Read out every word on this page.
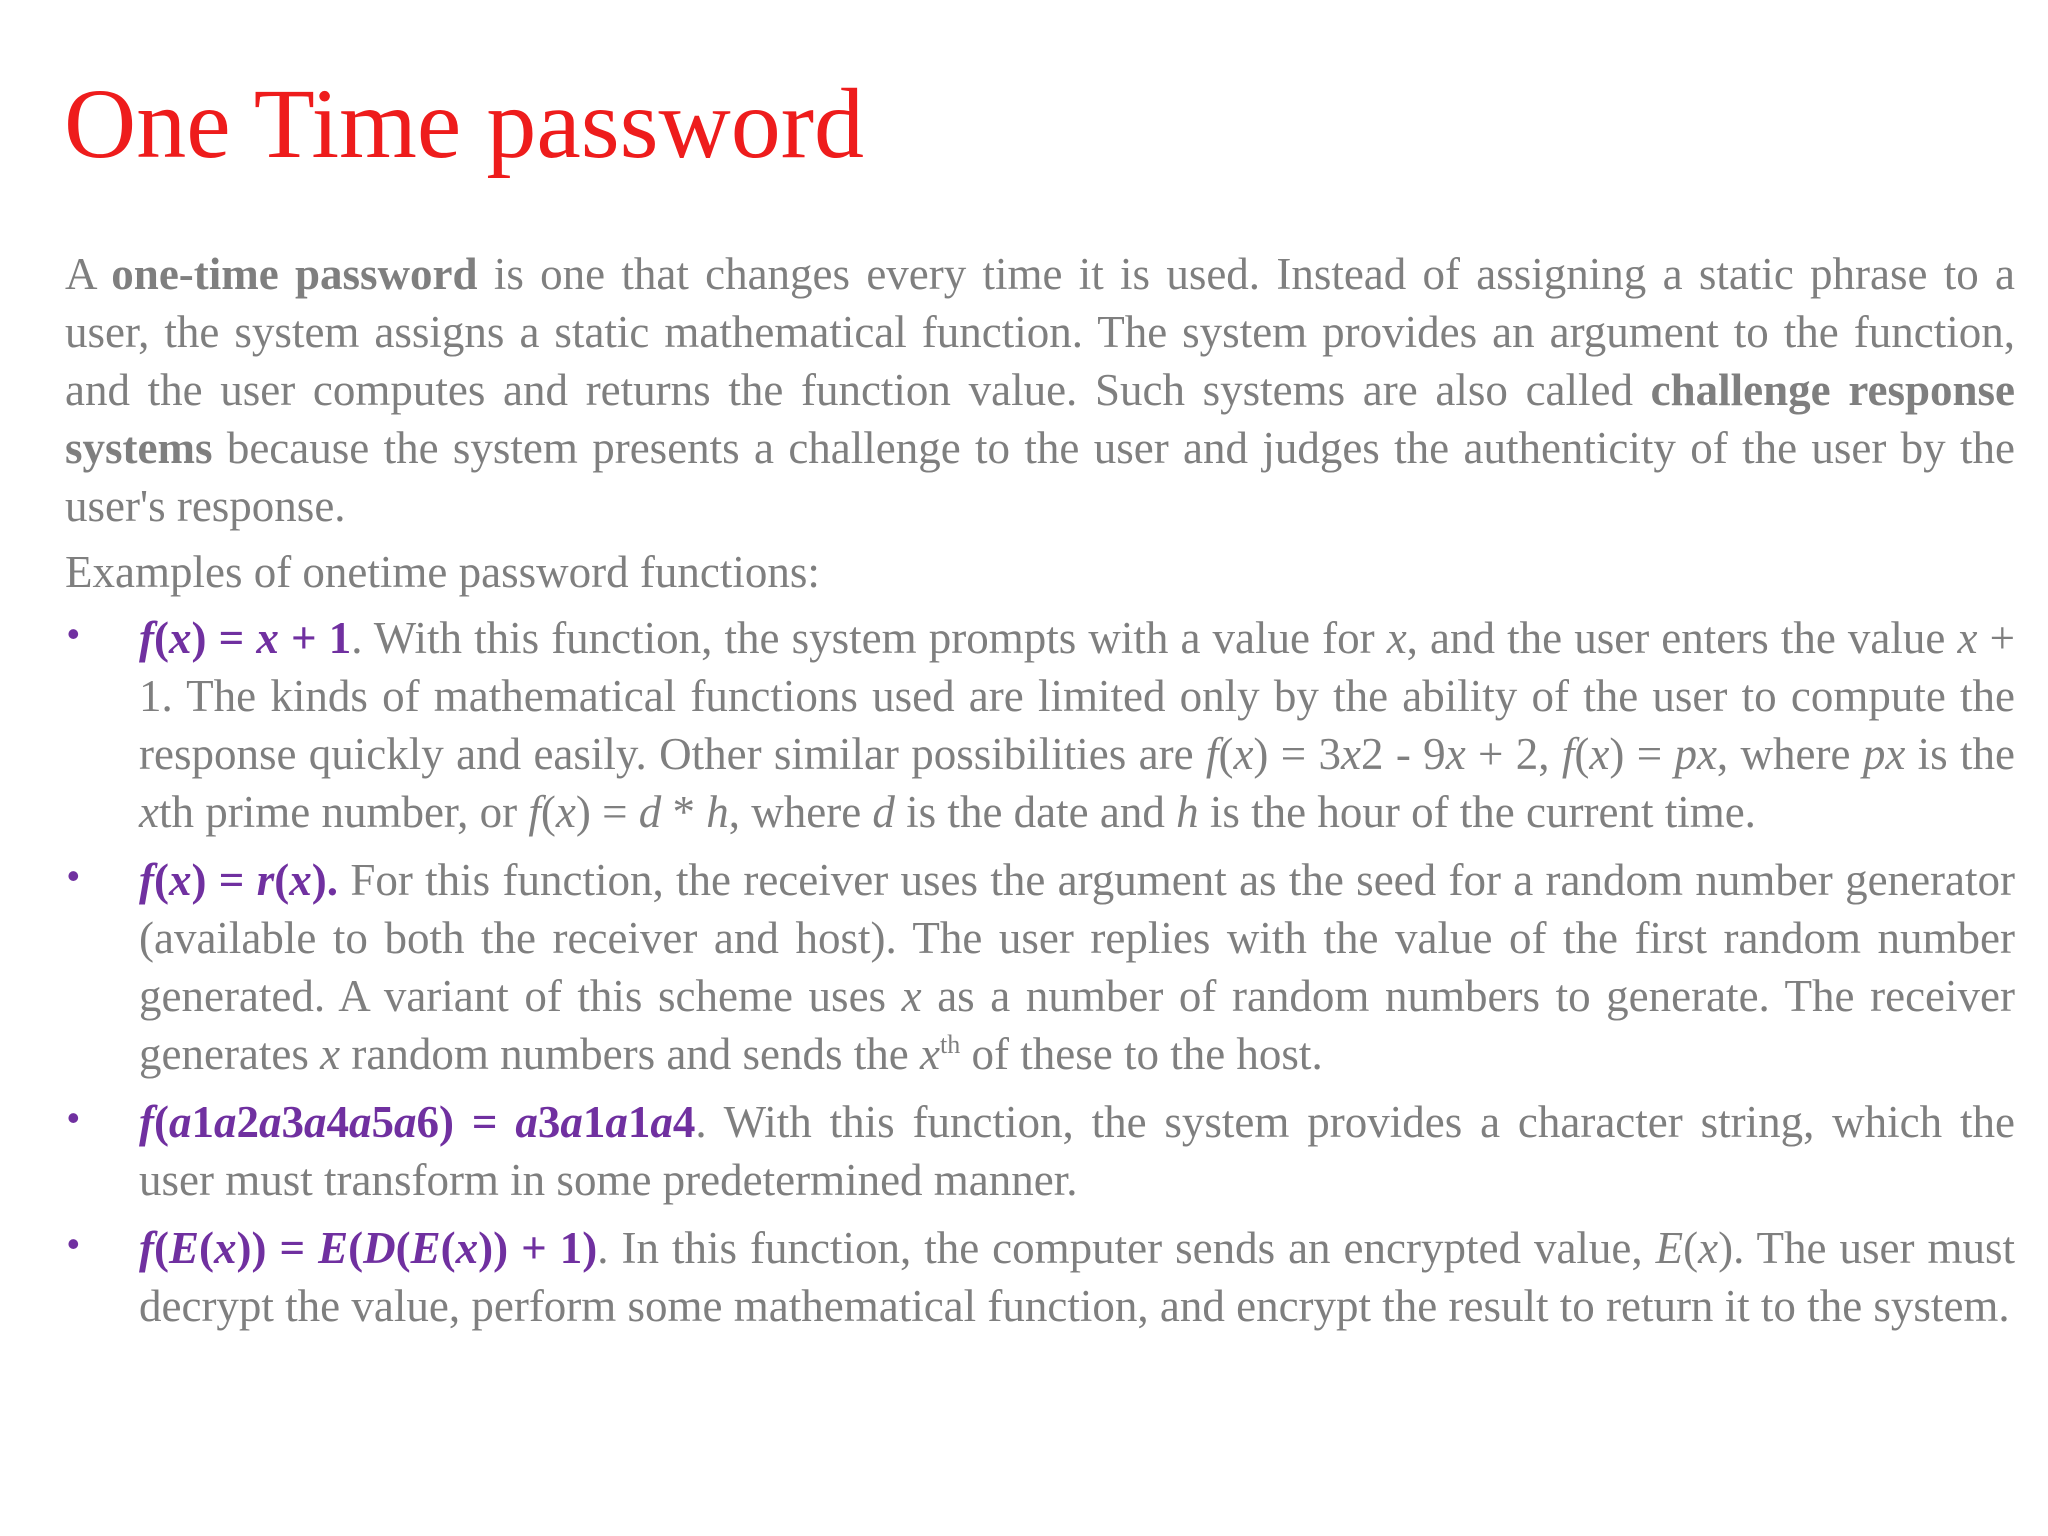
One Time password

A one-time password is one that changes every time it is used. Instead of assigning a static phrase to a user, the system assigns a static mathematical function. The system provides an argument to the function, and the user computes and returns the function value. Such systems are also called challenge response systems because the system presents a challenge to the user and judges the authenticity of the user by the user's response.

Examples of onetime password functions:

• f(x) = x + 1. With this function, the system prompts with a value for x, and the user enters the value x + 1. The kinds of mathematical functions used are limited only by the ability of the user to compute the response quickly and easily. Other similar possibilities are f(x) = 3x2 - 9x + 2, f(x) = px, where px is the xth prime number, or f(x) = d * h, where d is the date and h is the hour of the current time.
• f(x) = r(x). For this function, the receiver uses the argument as the seed for a random number generator (available to both the receiver and host). The user replies with the value of the first random number generated. A variant of this scheme uses x as a number of random numbers to generate. The receiver generates x random numbers and sends the $x^{th}$ of these to the host.
• f(a1a2a3a4a5a6) = a3a1a1a4. With this function, the system provides a character string, which the user must transform in some predetermined manner.
• f(E(x)) = E(D(E(x)) + 1). In this function, the computer sends an encrypted value, E(x). The user must decrypt the value, perform some mathematical function, and encrypt the result to return it to the system.
